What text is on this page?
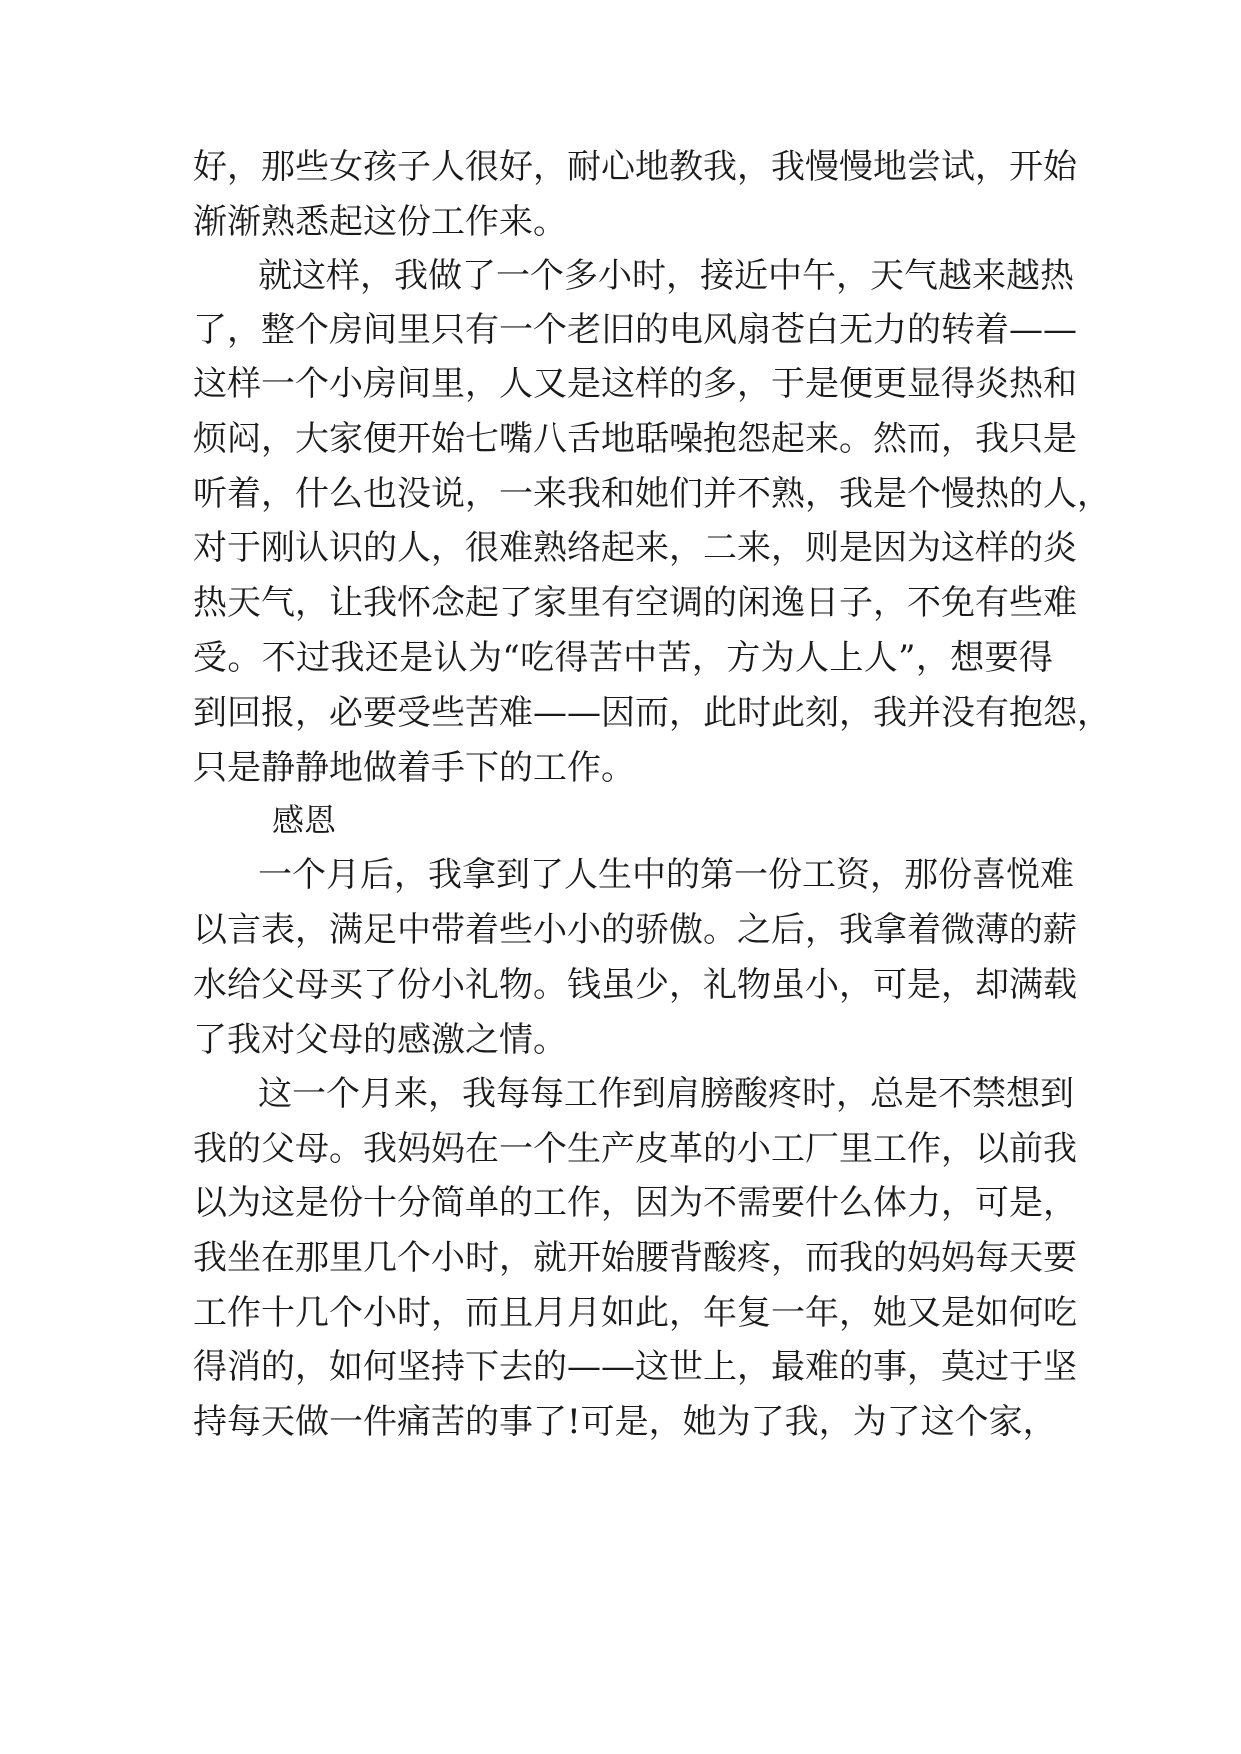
好，那些女孩子人很好，耐心地教我，我慢慢地尝试，开始
渐渐熟悉起这份工作来。
就这样，我做了一个多小时，接近中午，天气越来越热
了，整个房间里只有一个老旧的电风扇苍白无力的转着——
这样一个小房间里，人又是这样的多，于是便更显得炎热和
烦闷，大家便开始七嘴八舌地聒噪抱怨起来。然而，我只是
听着，什么也没说，一来我和她们并不熟，我是个慢热的人，
对于刚认识的人，很难熟络起来，二来，则是因为这样的炎
热天气，让我怀念起了家里有空调的闲逸日子，不免有些难
受。不过我还是认为“吃得苦中苦，方为人上人”，想要得
到回报，必要受些苦难——因而，此时此刻，我并没有抱怨，
只是静静地做着手下的工作。
感恩
一个月后，我拿到了人生中的第一份工资，那份喜悦难
以言表，满足中带着些小小的骄傲。之后，我拿着微薄的薪
水给父母买了份小礼物。钱虽少，礼物虽小，可是，却满载
了我对父母的感激之情。
这一个月来，我每每工作到肩膀酸疼时，总是不禁想到
我的父母。我妈妈在一个生产皮革的小工厂里工作，以前我
以为这是份十分简单的工作，因为不需要什么体力，可是，
我坐在那里几个小时，就开始腰背酸疼，而我的妈妈每天要
工作十几个小时，而且月月如此，年复一年，她又是如何吃
得消的，如何坚持下去的——这世上，最难的事，莫过于坚
持每天做一件痛苦的事了!可是，她为了我，为了这个家，
